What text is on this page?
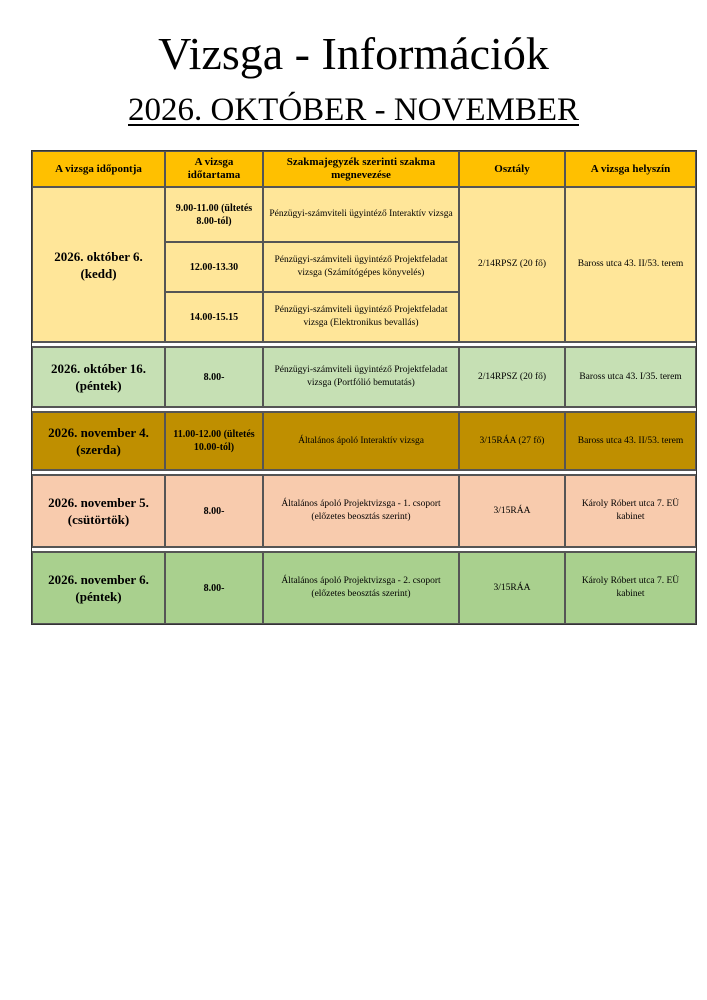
Vizsga - Információk
2026. OKTÓBER - NOVEMBER
A vizsga időpontja	A vizsga időtartama	Szakmajegyzék szerinti szakma megnevezése	Osztály	A vizsga helyszín

2026. október 6.
(kedd)	9.00-11.00 (ültetés 8.00-tól)	Pénzügyi-számviteli ügyintéző Interaktív vizsga	2/14RPSZ (20 fő)	Baross utca 43. II/53. terem
	12.00-13.30	Pénzügyi-számviteli ügyintéző Projektfeladat vizsga (Számítógépes könyvelés)		
	14.00-15.15	Pénzügyi-számviteli ügyintéző Projektfeladat vizsga (Elektronikus bevallás)		

2026. október 16.
(péntek)	8.00-	Pénzügyi-számviteli ügyintéző Projektfeladat vizsga (Portfólió bemutatás)	2/14RPSZ (20 fő)	Baross utca 43. I/35. terem

2026. november 4.
(szerda)	11.00-12.00 (ültetés 10.00-tól)	Általános ápoló Interaktív vizsga	3/15RÁA (27 fő)	Baross utca 43. II/53. terem

2026. november 5.
(csütörtök)	8.00-	Általános ápoló Projektvizsga - 1. csoport (előzetes beosztás szerint)	3/15RÁA	Károly Róbert utca 7. EÜ kabinet

2026. november 6.
(péntek)	8.00-	Általános ápoló Projektvizsga - 2. csoport (előzetes beosztás szerint)	3/15RÁA	Károly Róbert utca 7. EÜ kabinet
